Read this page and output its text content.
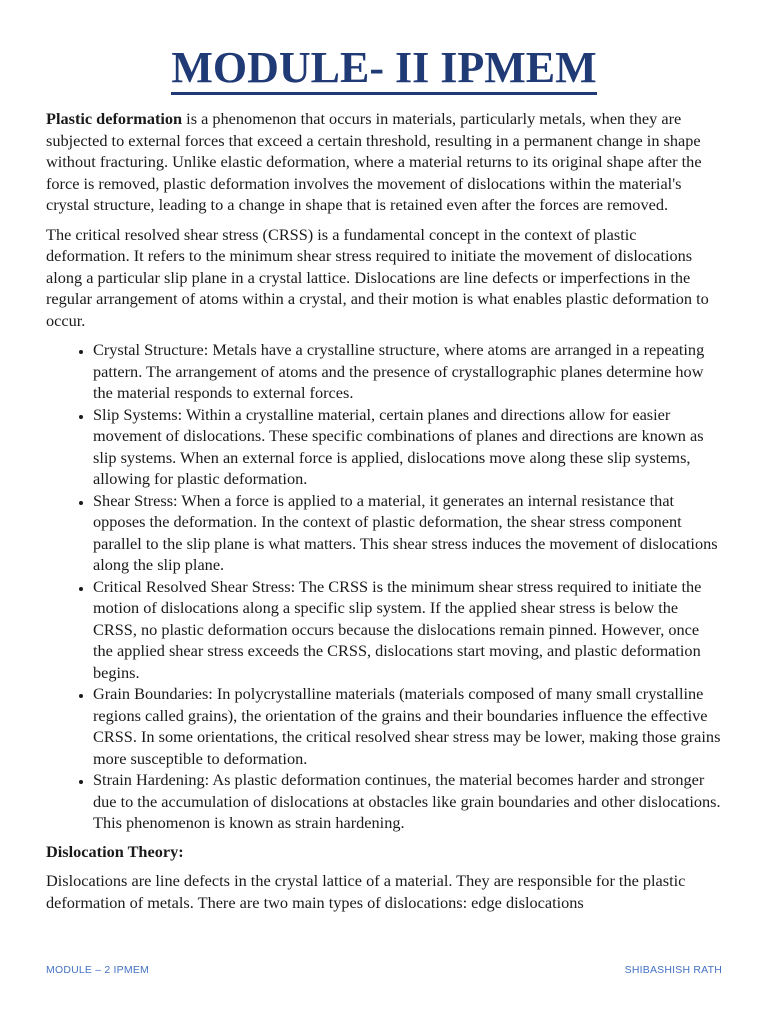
MODULE- II IPMEM

Plastic deformation is a phenomenon that occurs in materials, particularly metals, when they are subjected to external forces that exceed a certain threshold, resulting in a permanent change in shape without fracturing. Unlike elastic deformation, where a material returns to its original shape after the force is removed, plastic deformation involves the movement of dislocations within the material's crystal structure, leading to a change in shape that is retained even after the forces are removed.

The critical resolved shear stress (CRSS) is a fundamental concept in the context of plastic deformation. It refers to the minimum shear stress required to initiate the movement of dislocations along a particular slip plane in a crystal lattice. Dislocations are line defects or imperfections in the regular arrangement of atoms within a crystal, and their motion is what enables plastic deformation to occur.

• Crystal Structure: Metals have a crystalline structure, where atoms are arranged in a repeating pattern. The arrangement of atoms and the presence of crystallographic planes determine how the material responds to external forces.
• Slip Systems: Within a crystalline material, certain planes and directions allow for easier movement of dislocations. These specific combinations of planes and directions are known as slip systems. When an external force is applied, dislocations move along these slip systems, allowing for plastic deformation.
• Shear Stress: When a force is applied to a material, it generates an internal resistance that opposes the deformation. In the context of plastic deformation, the shear stress component parallel to the slip plane is what matters. This shear stress induces the movement of dislocations along the slip plane.
• Critical Resolved Shear Stress: The CRSS is the minimum shear stress required to initiate the motion of dislocations along a specific slip system. If the applied shear stress is below the CRSS, no plastic deformation occurs because the dislocations remain pinned. However, once the applied shear stress exceeds the CRSS, dislocations start moving, and plastic deformation begins.
• Grain Boundaries: In polycrystalline materials (materials composed of many small crystalline regions called grains), the orientation of the grains and their boundaries influence the effective CRSS. In some orientations, the critical resolved shear stress may be lower, making those grains more susceptible to deformation.
• Strain Hardening: As plastic deformation continues, the material becomes harder and stronger due to the accumulation of dislocations at obstacles like grain boundaries and other dislocations. This phenomenon is known as strain hardening.

Dislocation Theory:

Dislocations are line defects in the crystal lattice of a material. They are responsible for the plastic deformation of metals. There are two main types of dislocations: edge dislocations

MODULE – 2 IPMEM	SHIBASHISH RATH
